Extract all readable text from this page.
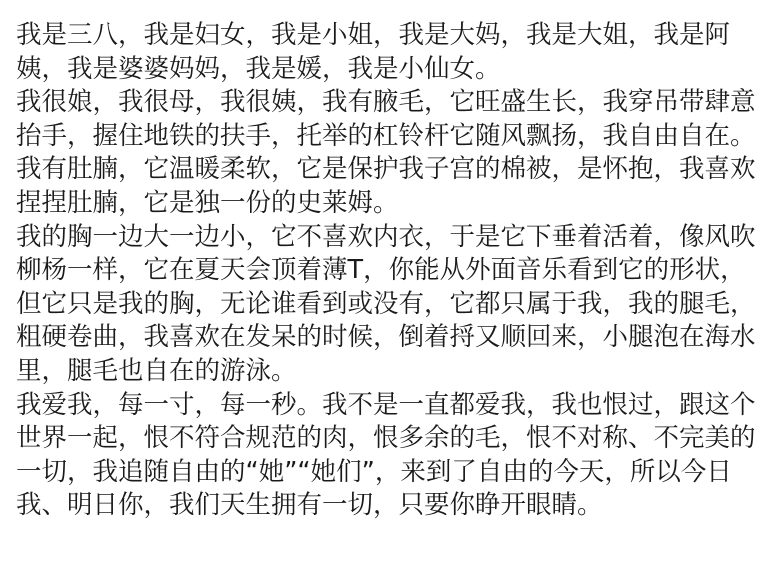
我是三八，我是妇女，我是小姐，我是大妈，我是大姐，我是阿姨，我是婆婆妈妈，我是媛，我是小仙女。

我很娘，我很母，我很姨，我有腋毛，它旺盛生长，我穿吊带肆意抬手，握住地铁的扶手，托举的杠铃杆它随风飘扬，我自由自在。

我有肚腩，它温暖柔软，它是保护我子宫的棉被，是怀抱，我喜欢捏捏肚腩，它是独一份的史莱姆。

我的胸一边大一边小，它不喜欢内衣，于是它下垂着活着，像风吹柳杨一样，它在夏天会顶着薄T，你能从外面音乐看到它的形状，但它只是我的胸，无论谁看到或没有，它都只属于我，我的腿毛，粗硬卷曲，我喜欢在发呆的时候，倒着捋又顺回来，小腿泡在海水里，腿毛也自在的游泳。

我爱我，每一寸，每一秒。我不是一直都爱我，我也恨过，跟这个世界一起，恨不符合规范的肉，恨多余的毛，恨不对称、不完美的一切，我追随自由的“她”“她们”，来到了自由的今天，所以今日我、明日你，我们天生拥有一切，只要你睁开眼睛。
